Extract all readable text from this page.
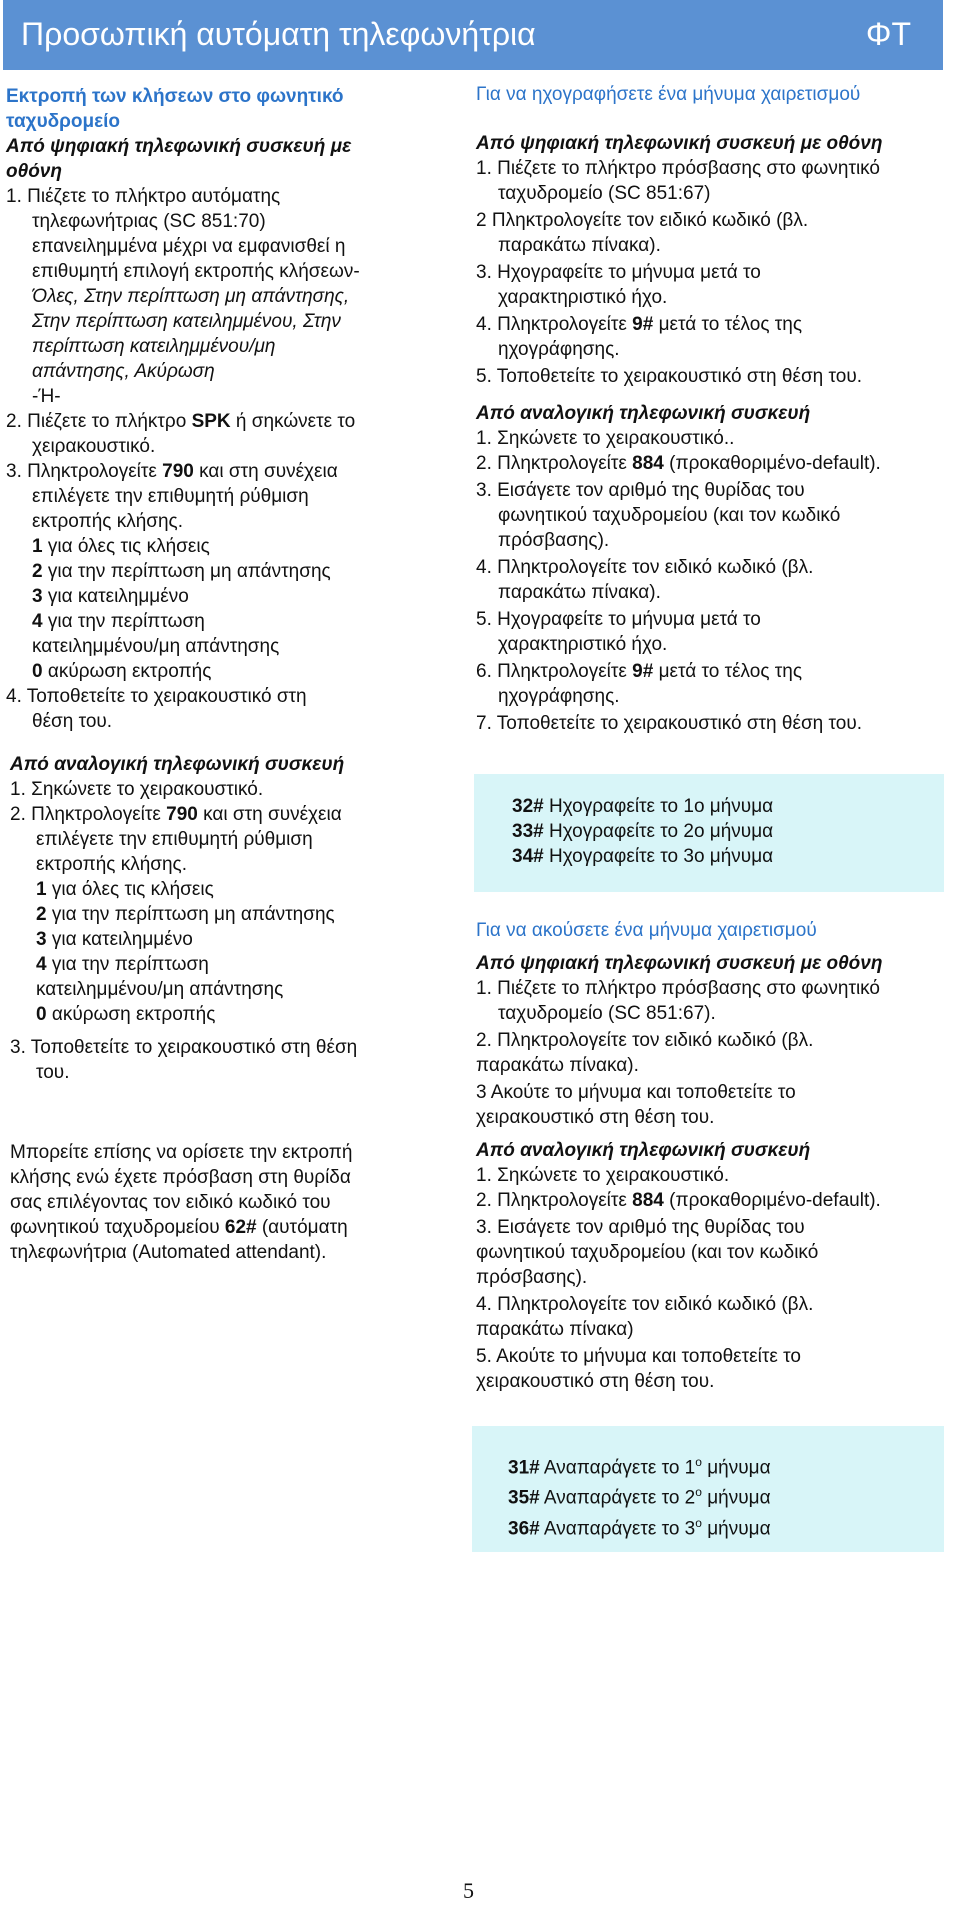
Προσωπική αυτόματη τηλεφωνήτρια	ΦΤ

Εκτροπή των κλήσεων στο φωνητικό

ταχυδρομείο

Από ψηφιακή τηλεφωνική συσκευή με

οθόνη

1. Πιέζετε το πλήκτρο αυτόματης

τηλεφωνήτριας (SC 851:70)

επανειλημμένα μέχρι να εμφανισθεί η

επιθυμητή επιλογή εκτροπής κλήσεων-

Όλες, Στην περίπτωση μη απάντησης,

Στην περίπτωση κατειλημμένου, Στην

περίπτωση κατειλημμένου/μη

απάντησης, Ακύρωση

-Ή-

2. Πιέζετε το πλήκτρο SPK ή σηκώνετε το

χειρακουστικό.

3. Πληκτρολογείτε 790 και στη συνέχεια

επιλέγετε την επιθυμητή ρύθμιση

εκτροπής κλήσης.

1 για όλες τις κλήσεις

2 για την περίπτωση μη απάντησης

3 για κατειλημμένο

4 για την περίπτωση

κατειλημμένου/μη απάντησης

0 ακύρωση εκτροπής

4. Τοποθετείτε το χειρακουστικό στη

θέση του.

Από αναλογική τηλεφωνική συσκευή

1. Σηκώνετε το χειρακουστικό.

2. Πληκτρολογείτε 790 και στη συνέχεια

επιλέγετε την επιθυμητή ρύθμιση

εκτροπής κλήσης.

1 για όλες τις κλήσεις

2 για την περίπτωση μη απάντησης

3 για κατειλημμένο

4 για την περίπτωση

κατειλημμένου/μη απάντησης

0 ακύρωση εκτροπής

3. Τοποθετείτε το χειρακουστικό στη θέση

του.

Μπορείτε επίσης να ορίσετε την εκτροπή

κλήσης ενώ έχετε πρόσβαση στη θυρίδα

σας επιλέγοντας τον ειδικό κωδικό του

φωνητικού ταχυδρομείου 62# (αυτόματη

τηλεφωνήτρια (Automated attendant).

Για να ηχογραφήσετε ένα μήνυμα χαιρετισμού

Από ψηφιακή τηλεφωνική συσκευή με οθόνη

1. Πιέζετε το πλήκτρο πρόσβασης στο φωνητικό

ταχυδρομείο (SC 851:67)

2 Πληκτρολογείτε τον ειδικό κωδικό (βλ.

παρακάτω πίνακα).

3. Ηχογραφείτε το μήνυμα μετά το

χαρακτηριστικό ήχο.

4. Πληκτρολογείτε 9# μετά το τέλος της

ηχογράφησης.

5. Τοποθετείτε το χειρακουστικό στη θέση του.

Από αναλογική τηλεφωνική συσκευή

1. Σηκώνετε το χειρακουστικό..

2. Πληκτρολογείτε 884 (προκαθοριμένο-default).

3. Εισάγετε τον αριθμό της θυρίδας του

φωνητικού ταχυδρομείου (και τον κωδικό

πρόσβασης).

4. Πληκτρολογείτε τον ειδικό κωδικό (βλ.

παρακάτω πίνακα).

5. Ηχογραφείτε το μήνυμα μετά το

χαρακτηριστικό ήχο.

6. Πληκτρολογείτε 9# μετά το τέλος της

ηχογράφησης.

7. Τοποθετείτε το χειρακουστικό στη θέση του.

32# Ηχογραφείτε το 1ο μήνυμα

33# Ηχογραφείτε το 2ο μήνυμα

34# Ηχογραφείτε το 3ο μήνυμα

Για να ακούσετε ένα μήνυμα χαιρετισμού

Από ψηφιακή τηλεφωνική συσκευή με οθόνη

1. Πιέζετε το πλήκτρο πρόσβασης στο φωνητικό

ταχυδρομείο (SC 851:67).

2. Πληκτρολογείτε τον ειδικό κωδικό (βλ.

παρακάτω πίνακα).

3 Ακούτε το μήνυμα και τοποθετείτε το

χειρακουστικό στη θέση του.

Από αναλογική τηλεφωνική συσκευή

1. Σηκώνετε το χειρακουστικό.

2. Πληκτρολογείτε 884 (προκαθοριμένο-default).

3. Εισάγετε τον αριθμό της θυρίδας του

φωνητικού ταχυδρομείου (και τον κωδικό

πρόσβασης).

4. Πληκτρολογείτε τον ειδικό κωδικό (βλ.

παρακάτω πίνακα)

5. Ακούτε το μήνυμα και τοποθετείτε το

χειρακουστικό στη θέση του.

31# Αναπαράγετε το $1^o$ μήνυμα

35# Αναπαράγετε το $2^o$ μήνυμα

36# Αναπαράγετε το $3^o$ μήνυμα

5
